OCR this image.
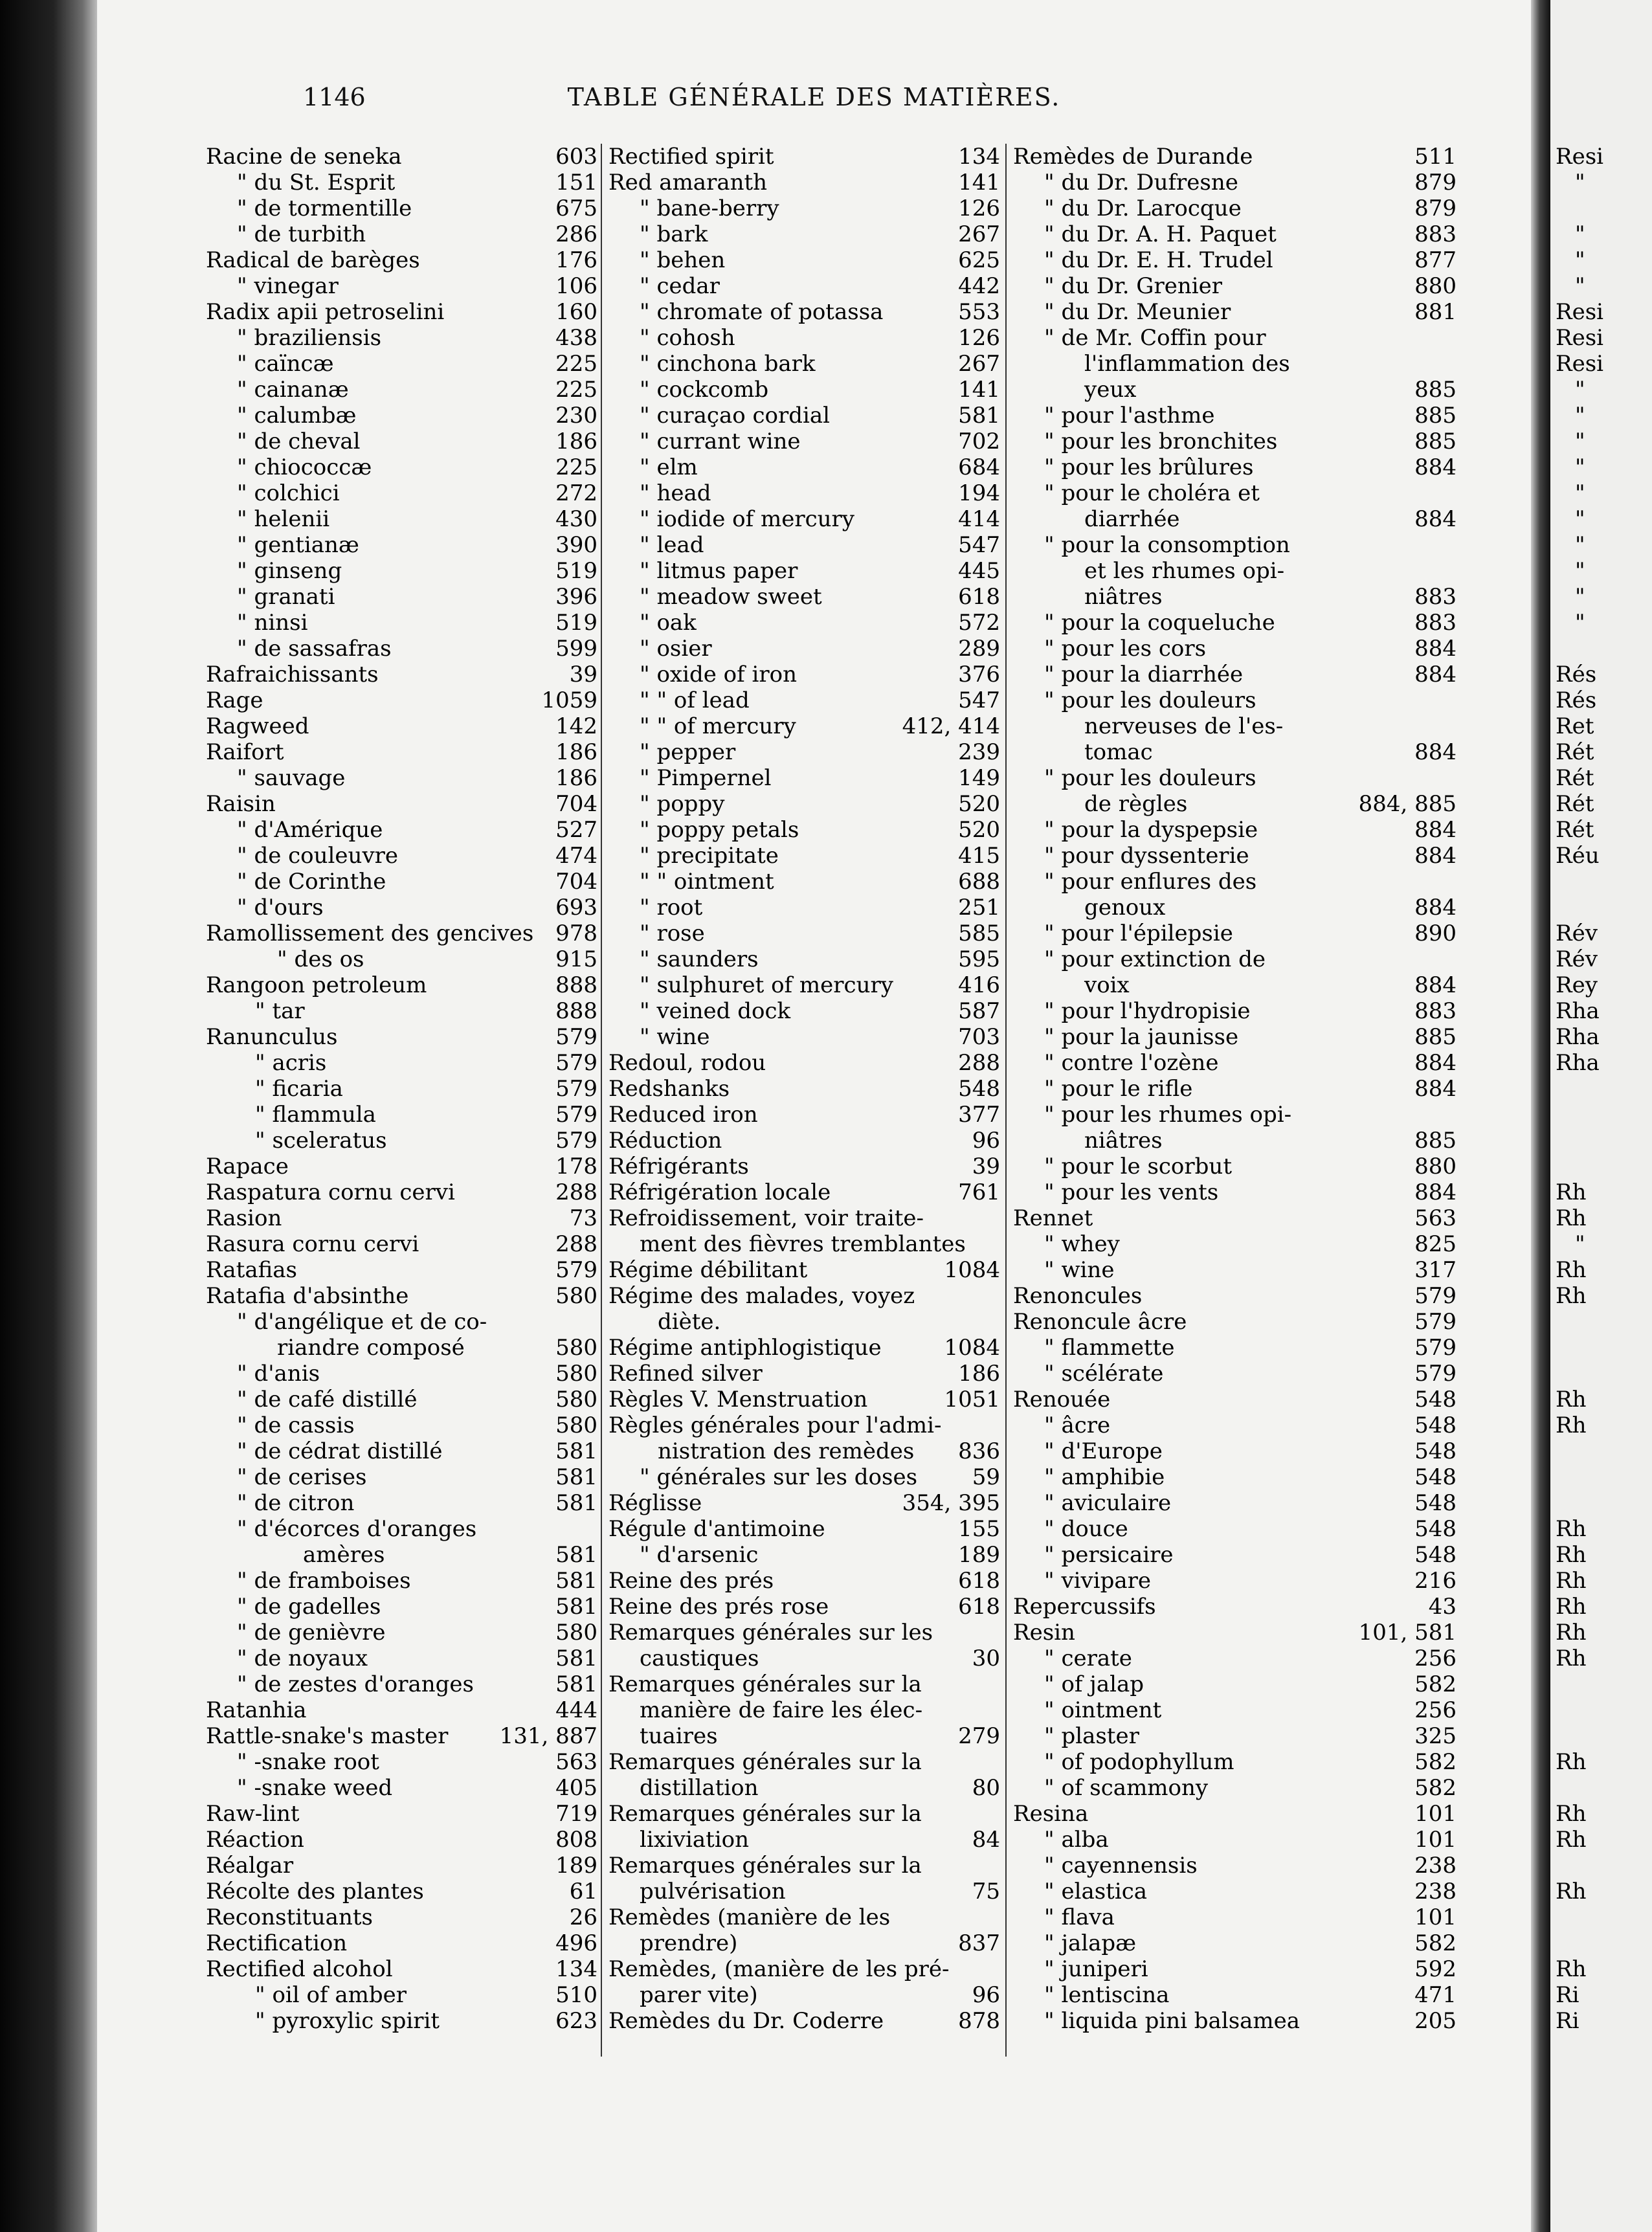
1146	TABLE GÉNÉRALE DES MATIÈRES.
Racine de seneka	603
" du St. Esprit	151
" de tormentille	675
" de turbith	286
Radical de barèges	176
" vinegar	106
Radix apii petroselini	160
" braziliensis	438
" caïncæ	225
" cainanæ	225
" calumbæ	230
" de cheval	186
" chiococcæ	225
" colchici	272
" helenii	430
" gentianæ	390
" ginseng	519
" granati	396
" ninsi	519
" de sassafras	599
Rafraichissants	39
Rage	1059
Ragweed	142
Raifort	186
" sauvage	186
Raisin	704
" d'Amérique	527
" de couleuvre	474
" de Corinthe	704
" d'ours	693
Ramollissement des gencives 978
" des os	915
Rangoon petroleum	888
" tar	888
Ranunculus	579
" acris	579
" ficaria	579
" flammula	579
" sceleratus	579
Rapace	178
Raspatura cornu cervi	288
Rasion	73
Rasura cornu cervi	288
Ratafias	579
Ratafia d'absinthe	580
" d'angélique et de co-
riandre composé	580
" d'anis	580
" de café distillé	580
" de cassis	580
" de cédrat distillé	581
" de cerises	581
" de citron	581
" d'écorces d'oranges
amères	581
" de framboises	581
" de gadelles	581
" de genièvre	580
" de noyaux	581
" de zestes d'oranges	581
Ratanhia	444
Rattle-snake's master 131, 887
" -snake root	563
" -snake weed	405
Raw-lint	719
Réaction	808
Réalgar	189
Récolte des plantes	61
Reconstituants	26
Rectification	496
Rectified alcohol	134
" oil of amber	510
" pyroxylic spirit	623
Rectified spirit	134
Red amaranth	141
" bane-berry	126
" bark	267
" behen	625
" cedar	442
" chromate of potassa	553
" cohosh	126
" cinchona bark	267
" cockcomb	141
" curaçao cordial	581
" currant wine	702
" elm	684
" head	194
" iodide of mercury	414
" lead	547
" litmus paper	445
" meadow sweet	618
" oak	572
" osier	289
" oxide of iron	376
" " of lead	547
" " of mercury	412, 414
" pepper	239
" Pimpernel	149
" poppy	520
" poppy petals	520
" precipitate	415
" " ointment	688
" root	251
" rose	585
" saunders	595
" sulphuret of mercury	416
" veined dock	587
" wine	703
Redoul, rodou	288
Redshanks	548
Reduced iron	377
Réduction	96
Réfrigérants	39
Réfrigération locale	761
Refroidissement, voir traite-
ment des fièvres tremblantes
Régime débilitant	1084
Régime des malades, voyez
diète.
Régime antiphlogistique	1084
Refined silver	186
Règles V. Menstruation	1051
Règles générales pour l'admi-
nistration des remèdes 836
" générales sur les doses 59
Réglisse	354, 395
Régule d'antimoine	155
" d'arsenic	189
Reine des prés	618
Reine des prés rose	618
Remarques générales sur les
caustiques	30
Remarques générales sur la
manière de faire les élec-
tuaires	279
Remarques générales sur la
distillation	80
Remarques générales sur la
lixiviation	84
Remarques générales sur la
pulvérisation	75
Remèdes (manière de les
prendre)	837
Remèdes, (manière de les pré-
parer vite)	96
Remèdes du Dr. Coderre	878
Remèdes de Durande	511
" du Dr. Dufresne	879
" du Dr. Larocque	879
" du Dr. A. H. Paquet	883
" du Dr. E. H. Trudel	877
" du Dr. Grenier	880
" du Dr. Meunier	881
" de Mr. Coffin pour
l'inflammation des
yeux	885
" pour l'asthme	885
" pour les bronchites	885
" pour les brûlures	884
" pour le choléra et
diarrhée	884
" pour la consomption
et les rhumes opi-
niâtres	883
" pour la coqueluche	883
" pour les cors	884
" pour la diarrhée	884
" pour les douleurs
nerveuses de l'es-
tomac	884
" pour les douleurs
de règles	884, 885
" pour la dyspepsie	884
" pour dyssenterie	884
" pour enflures des
genoux	884
" pour l'épilepsie	890
" pour extinction de
voix	884
" pour l'hydropisie	883
" pour la jaunisse	885
" contre l'ozène	884
" pour le rifle	884
" pour les rhumes opi-
niâtres	885
" pour le scorbut	880
" pour les vents	884
Rennet	563
" whey	825
" wine	317
Renoncules	579
Renoncule âcre	579
" flammette	579
" scélérate	579
Renouée	548
" âcre	548
" d'Europe	548
" amphibie	548
" aviculaire	548
" douce	548
" persicaire	548
" vivipare	216
Repercussifs	43
Resin	101, 581
" cerate	256
" of jalap	582
" ointment	256
" plaster	325
" of podophyllum	582
" of scammony	582
Resina	101
" alba	101
" cayennensis	238
" elastica	238
" flava	101
" jalapæ	582
" juniperi	592
" lentiscina	471
" liquida pini balsamea	205
Resi
"
"
"
"
Resi
Resi
Resi
"
"
"
"
"
"
"
"
"
"
Rés
Rés
Ret
Rét
Rét
Rét
Rét
Réu
Rév
Rév
Rey
Rha
Rha
Rha
Rh
Rh
"
Rh
Rh
Rh
Rh
Rh
Rh
Rh
Rh
Rh
Rh
Rh
Rh
Rh
Rh
Rh
Ri
Ri
